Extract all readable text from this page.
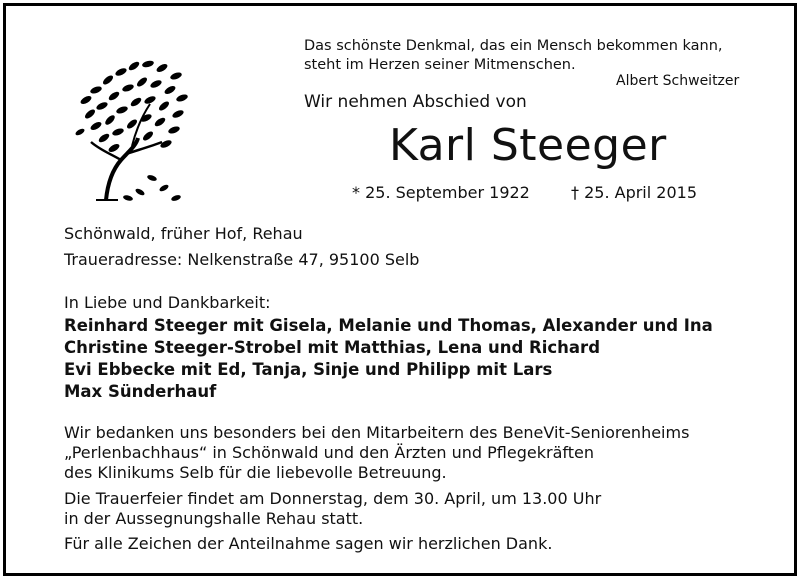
Das schönste Denkmal, das ein Mensch bekommen kann,
steht im Herzen seiner Mitmenschen.
Albert Schweitzer
Wir nehmen Abschied von
Karl Steeger
* 25. September 1922	† 25. April 2015
Schönwald, früher Hof, Rehau
Traueradresse: Nelkenstraße 47, 95100 Selb
In Liebe und Dankbarkeit:
Reinhard Steeger mit Gisela, Melanie und Thomas, Alexander und Ina
Christine Steeger-Strobel mit Matthias, Lena und Richard
Evi Ebbecke mit Ed, Tanja, Sinje und Philipp mit Lars
Max Sünderhauf
Wir bedanken uns besonders bei den Mitarbeitern des BeneVit-Seniorenheims
„Perlenbachhaus“ in Schönwald und den Ärzten und Pflegekräften
des Klinikums Selb für die liebevolle Betreuung.
Die Trauerfeier findet am Donnerstag, dem 30. April, um 13.00 Uhr
in der Aussegnungshalle Rehau statt.
Für alle Zeichen der Anteilnahme sagen wir herzlichen Dank.
